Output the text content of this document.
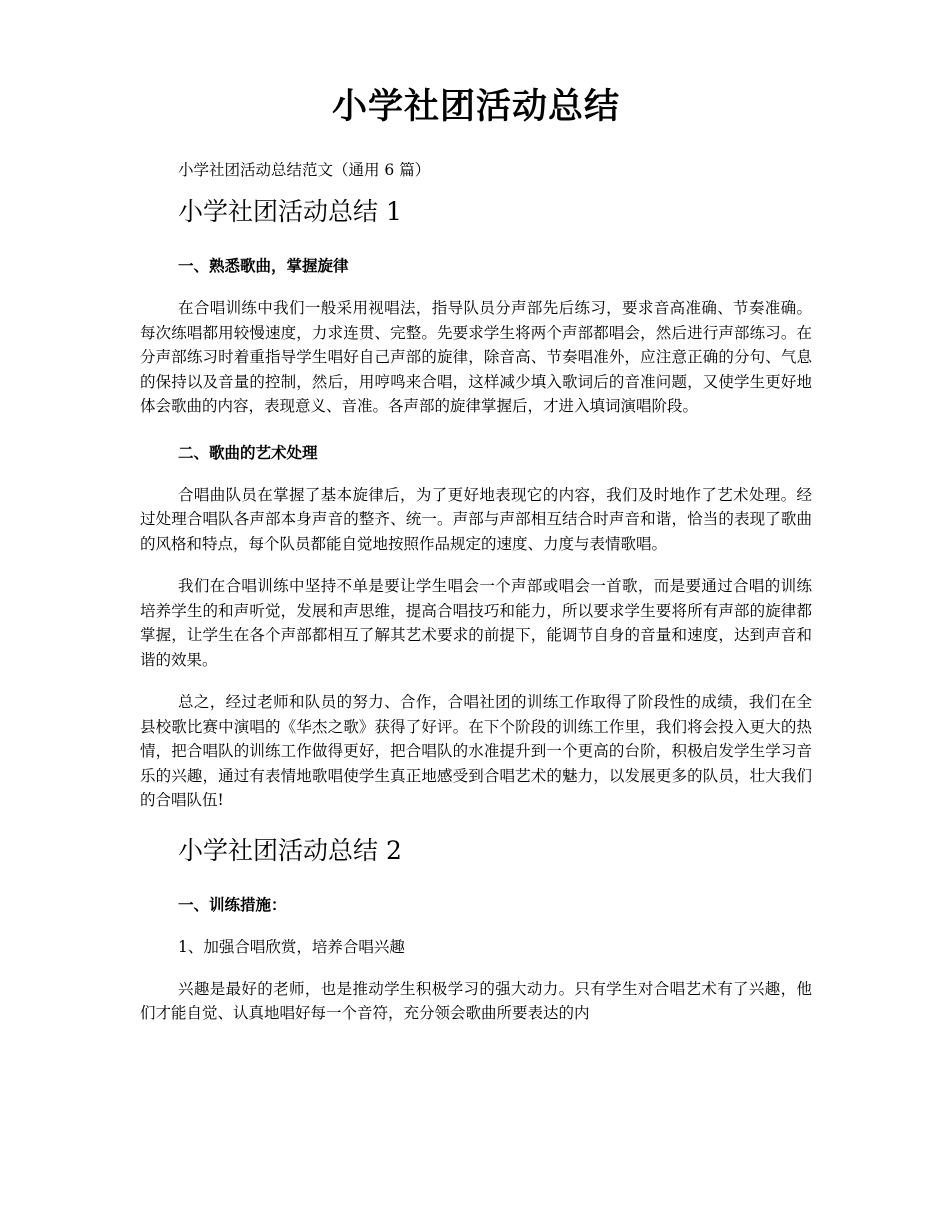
小学社团活动总结

小学社团活动总结范文（通用 6 篇）

小学社团活动总结 1
一、熟悉歌曲，掌握旋律

在合唱训练中我们一般采用视唱法，指导队员分声部先后练习，要求音高准确、节奏准确。每次练唱都用较慢速度，力求连贯、完整。先要求学生将两个声部都唱会，然后进行声部练习。在分声部练习时着重指导学生唱好自己声部的旋律，除音高、节奏唱准外，应注意正确的分句、气息的保持以及音量的控制，然后，用哼鸣来合唱，这样减少填入歌词后的音准问题，又使学生更好地体会歌曲的内容，表现意义、音准。各声部的旋律掌握后，才进入填词演唱阶段。

二、歌曲的艺术处理

合唱曲队员在掌握了基本旋律后，为了更好地表现它的内容，我们及时地作了艺术处理。经过处理合唱队各声部本身声音的整齐、统一。声部与声部相互结合时声音和谐，恰当的表现了歌曲的风格和特点，每个队员都能自觉地按照作品规定的速度、力度与表情歌唱。

我们在合唱训练中坚持不单是要让学生唱会一个声部或唱会一首歌，而是要通过合唱的训练培养学生的和声听觉，发展和声思维，提高合唱技巧和能力，所以要求学生要将所有声部的旋律都掌握，让学生在各个声部都相互了解其艺术要求的前提下，能调节自身的音量和速度，达到声音和谐的效果。

总之，经过老师和队员的努力、合作，合唱社团的训练工作取得了阶段性的成绩，我们在全县校歌比赛中演唱的《华杰之歌》获得了好评。在下个阶段的训练工作里，我们将会投入更大的热情，把合唱队的训练工作做得更好，把合唱队的水准提升到一个更高的台阶，积极启发学生学习音乐的兴趣，通过有表情地歌唱使学生真正地感受到合唱艺术的魅力，以发展更多的队员，壮大我们的合唱队伍!

小学社团活动总结 2
一、训练措施：

1、加强合唱欣赏，培养合唱兴趣

兴趣是最好的老师，也是推动学生积极学习的强大动力。只有学生对合唱艺术有了兴趣，他们才能自觉、认真地唱好每一个音符，充分领会歌曲所要表达的内
